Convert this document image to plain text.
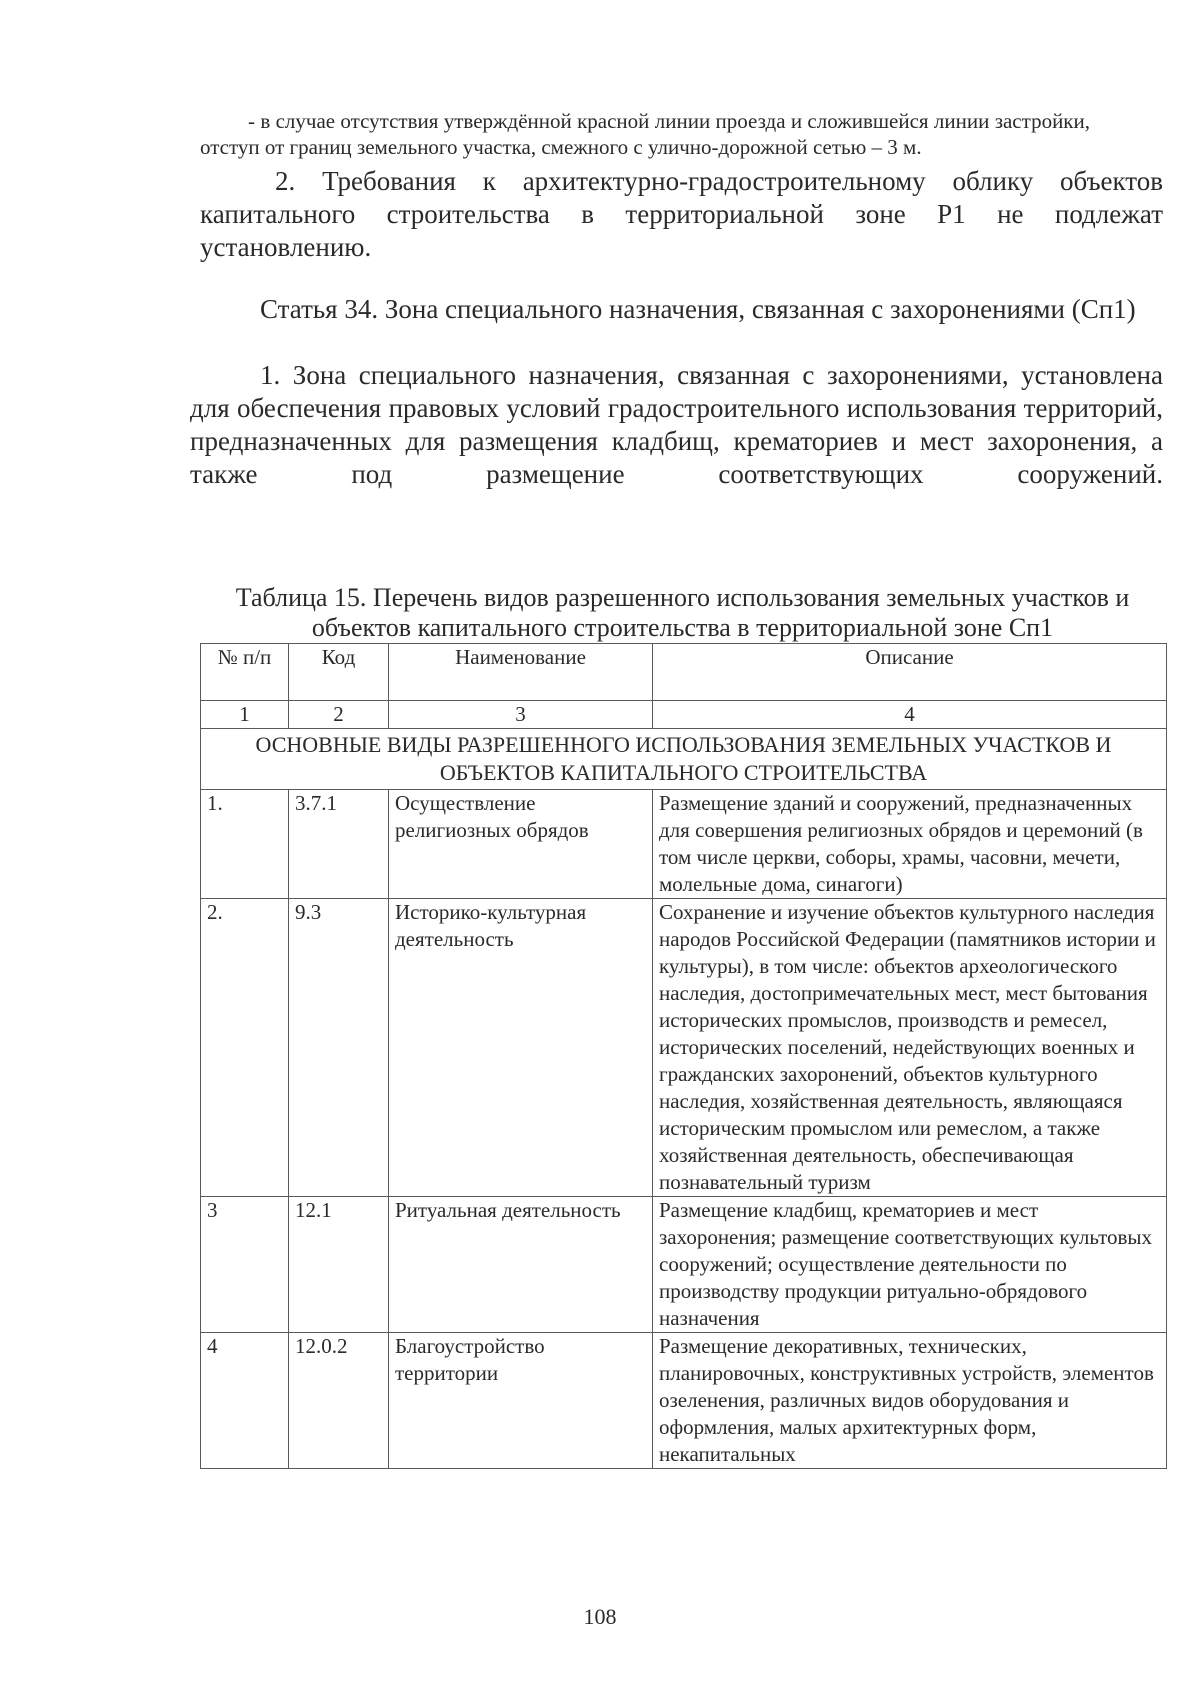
- в случае отсутствия утверждённой красной линии проезда и сложившейся линии застройки, отступ от границ земельного участка, смежного с улично-дорожной сетью – 3 м.

2. Требования к архитектурно-градостроительному облику объектов капитального строительства в территориальной зоне Р1 не подлежат установлению.

Статья 34. Зона специального назначения, связанная с захоронениями (Сп1)

1. Зона специального назначения, связанная с захоронениями, установлена для обеспечения правовых условий градостроительного использования территорий, предназначенных для размещения кладбищ, крематориев и мест захоронения, а также под размещение соответствующих сооружений.

Таблица 15. Перечень видов разрешенного использования земельных участков и объектов капитального строительства в территориальной зоне Сп1

№ п/п	Код	Наименование	Описание
1	2	3	4
ОСНОВНЫЕ ВИДЫ РАЗРЕШЕННОГО ИСПОЛЬЗОВАНИЯ ЗЕМЕЛЬНЫХ УЧАСТКОВ И ОБЪЕКТОВ КАПИТАЛЬНОГО СТРОИТЕЛЬСТВА			
1.	3.7.1	Осуществление религиозных обрядов	Размещение зданий и сооружений, предназначенных для совершения религиозных обрядов и церемоний (в том числе церкви, соборы, храмы, часовни, мечети, молельные дома, синагоги)
2.	9.3	Историко-культурная деятельность	Сохранение и изучение объектов культурного наследия народов Российской Федерации (памятников истории и культуры), в том числе: объектов археологического наследия, достопримечательных мест, мест бытования исторических промыслов, производств и ремесел, исторических поселений, недействующих военных и гражданских захоронений, объектов культурного наследия, хозяйственная деятельность, являющаяся историческим промыслом или ремеслом, а также хозяйственная деятельность, обеспечивающая познавательный туризм
3	12.1	Ритуальная деятельность	Размещение кладбищ, крематориев и мест захоронения; размещение соответствующих культовых сооружений; осуществление деятельности по производству продукции ритуально-обрядового назначения
4	12.0.2	Благоустройство территории	Размещение декоративных, технических, планировочных, конструктивных устройств, элементов озеленения, различных видов оборудования и оформления, малых архитектурных форм, некапитальных

108
